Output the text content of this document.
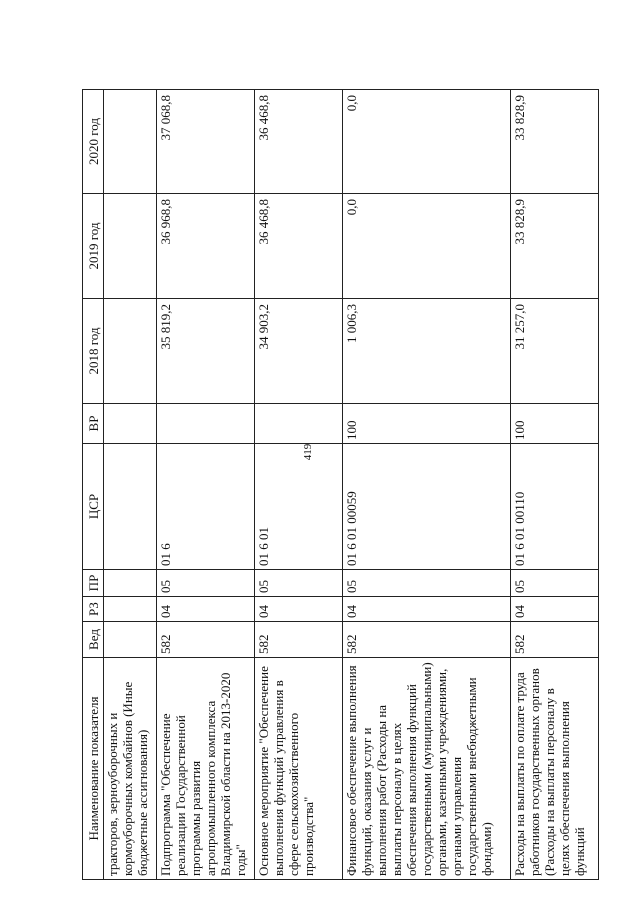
419
Наименование показателя	Вед	РЗ	ПР	ЦСР	ВР	2018 год	2019 год	2020 год
тракторов, зерноуборочных и кормоуборочных комбайнов (Иные бюджетные ассигнования)								
Подпрограмма "Обеспечение реализации Государственной программы развития агропромышленного комплекса Владимирской области на 2013-2020 годы"	582	04	05	01 6		35 819,2	36 968,8	37 068,8
Основное мероприятие "Обеспечение выполнения функций управления в сфере сельскохозяйственного производства"	582	04	05	01 6 01		34 903,2	36 468,8	36 468,8
Финансовое обеспечение выполнения функций, оказания услуг и выполнения работ (Расходы на выплаты персоналу в целях обеспечения выполнения функций государственными (муниципальными) органами, казенными учреждениями, органами управления государственными внебюджетными фондами)	582	04	05	01 6 01 00059	100	1 006,3	0,0	0,0
Расходы на выплаты по оплате труда работников государственных органов (Расходы на выплаты персоналу в целях обеспечения выполнения функций	582	04	05	01 6 01 00110	100	31 257,0	33 828,9	33 828,9
